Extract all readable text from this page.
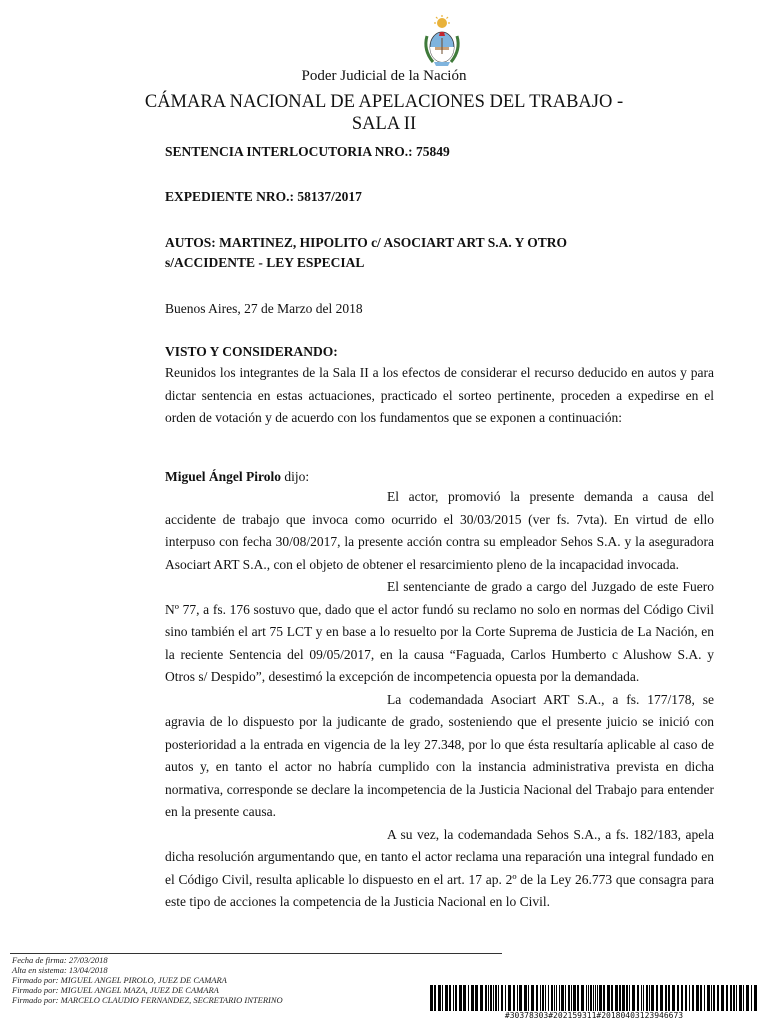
Poder Judicial de la Nación
CÁMARA NACIONAL DE APELACIONES DEL TRABAJO -
SALA II
SENTENCIA INTERLOCUTORIA NRO.: 75849
EXPEDIENTE NRO.: 58137/2017
AUTOS: MARTINEZ, HIPOLITO c/ ASOCIART ART S.A. Y OTRO
s/ACCIDENTE - LEY ESPECIAL
Buenos Aires, 27 de Marzo del 2018
VISTO Y CONSIDERANDO:

Reunidos los integrantes de la Sala II a los efectos de considerar el recurso deducido en autos y para dictar sentencia en estas actuaciones, practicado el sorteo pertinente, proceden a expedirse en el orden de votación y de acuerdo con los fundamentos que se exponen a continuación:

Miguel Ángel Pirolo dijo:

El actor, promovió la presente demanda a causa del accidente de trabajo que invoca como ocurrido el 30/03/2015 (ver fs. 7vta). En virtud de ello interpuso con fecha 30/08/2017, la presente acción contra su empleador Sehos S.A. y la aseguradora Asociart ART S.A., con el objeto de obtener el resarcimiento pleno de la incapacidad invocada.

El sentenciante de grado a cargo del Juzgado de este Fuero Nº 77, a fs. 176 sostuvo que, dado que el actor fundó su reclamo no solo en normas del Código Civil sino también el art 75 LCT y en base a lo resuelto por la Corte Suprema de Justicia de La Nación, en la reciente Sentencia del 09/05/2017, en la causa “Faguada, Carlos Humberto c Alushow S.A. y Otros s/ Despido”, desestimó la excepción de incompetencia opuesta por la demandada.

La codemandada Asociart ART S.A., a fs. 177/178, se agravia de lo dispuesto por la judicante de grado, sosteniendo que el presente juicio se inició con posterioridad a la entrada en vigencia de la ley 27.348, por lo que ésta resultaría aplicable al caso de autos y, en tanto el actor no habría cumplido con la instancia administrativa prevista en dicha normativa, corresponde se declare la incompetencia de la Justicia Nacional del Trabajo para entender en la presente causa.

A su vez, la codemandada Sehos S.A., a fs. 182/183, apela dicha resolución argumentando que, en tanto el actor reclama una reparación una integral fundado en el Código Civil, resulta aplicable lo dispuesto en el art. 17 ap. 2º de la Ley 26.773 que consagra para este tipo de acciones la competencia de la Justicia Nacional en lo Civil.

Fecha de firma: 27/03/2018
Alta en sistema: 13/04/2018
Firmado por: MIGUEL ANGEL PIROLO, JUEZ DE CAMARA
Firmado por: MIGUEL ANGEL MAZA, JUEZ DE CAMARA
Firmado por: MARCELO CLAUDIO FERNANDEZ, SECRETARIO INTERINO
#30378303#202159311#20180403123946673
